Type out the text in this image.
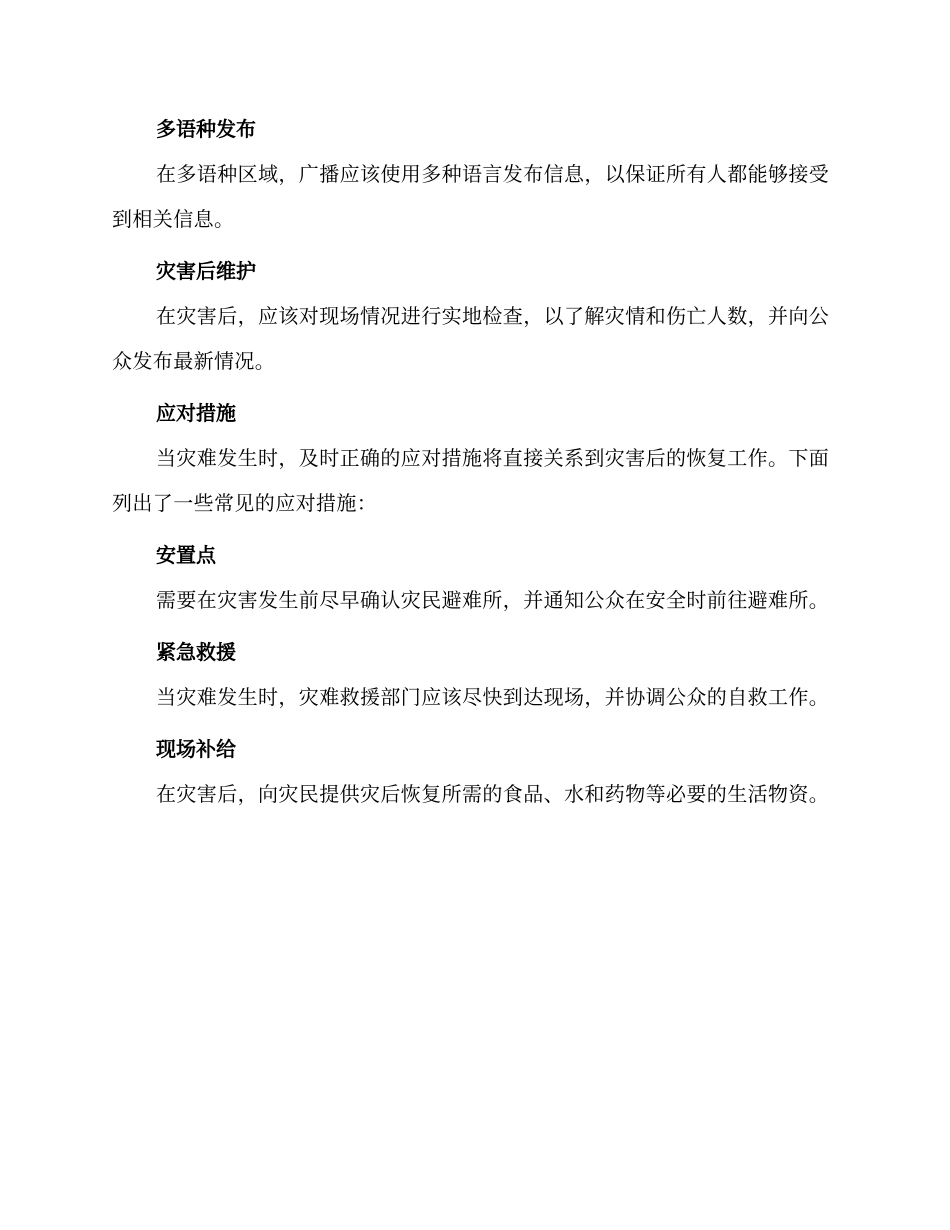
多语种发布

在多语种区域，广播应该使用多种语言发布信息，以保证所有人都能够接受到相关信息。

灾害后维护

在灾害后，应该对现场情况进行实地检查，以了解灾情和伤亡人数，并向公众发布最新情况。

应对措施

当灾难发生时，及时正确的应对措施将直接关系到灾害后的恢复工作。下面列出了一些常见的应对措施：

安置点

需要在灾害发生前尽早确认灾民避难所，并通知公众在安全时前往避难所。

紧急救援

当灾难发生时，灾难救援部门应该尽快到达现场，并协调公众的自救工作。

现场补给

在灾害后，向灾民提供灾后恢复所需的食品、水和药物等必要的生活物资。
